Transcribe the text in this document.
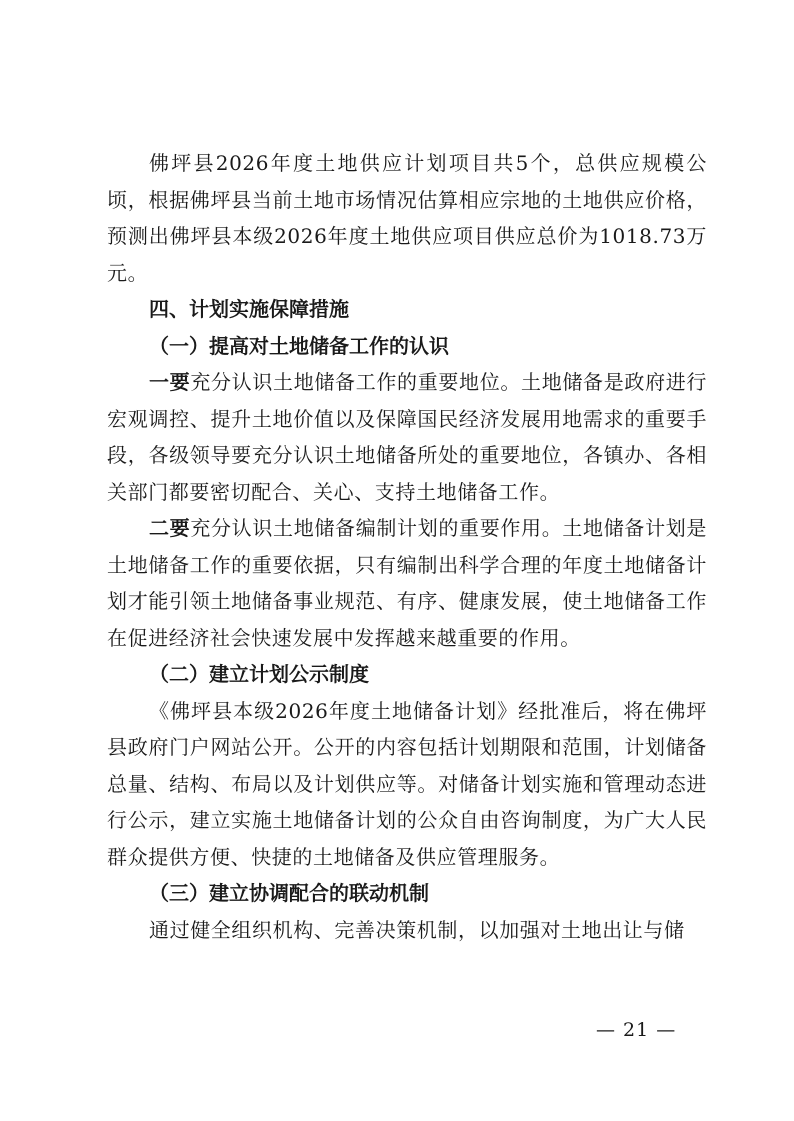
佛坪县2026年度土地供应计划项目共5个，总供应规模公顷，根据佛坪县当前土地市场情况估算相应宗地的土地供应价格，预测出佛坪县本级2026年度土地供应项目供应总价为1018.73万元。

四、计划实施保障措施
（一）提高对土地储备工作的认识

一要充分认识土地储备工作的重要地位。土地储备是政府进行宏观调控、提升土地价值以及保障国民经济发展用地需求的重要手段，各级领导要充分认识土地储备所处的重要地位，各镇办、各相关部门都要密切配合、关心、支持土地储备工作。

二要充分认识土地储备编制计划的重要作用。土地储备计划是土地储备工作的重要依据，只有编制出科学合理的年度土地储备计划才能引领土地储备事业规范、有序、健康发展，使土地储备工作在促进经济社会快速发展中发挥越来越重要的作用。

（二）建立计划公示制度

《佛坪县本级2026年度土地储备计划》经批准后，将在佛坪县政府门户网站公开。公开的内容包括计划期限和范围，计划储备总量、结构、布局以及计划供应等。对储备计划实施和管理动态进行公示，建立实施土地储备计划的公众自由咨询制度，为广大人民群众提供方便、快捷的土地储备及供应管理服务。

（三）建立协调配合的联动机制

通过健全组织机构、完善决策机制，以加强对土地出让与储

— 21 —
